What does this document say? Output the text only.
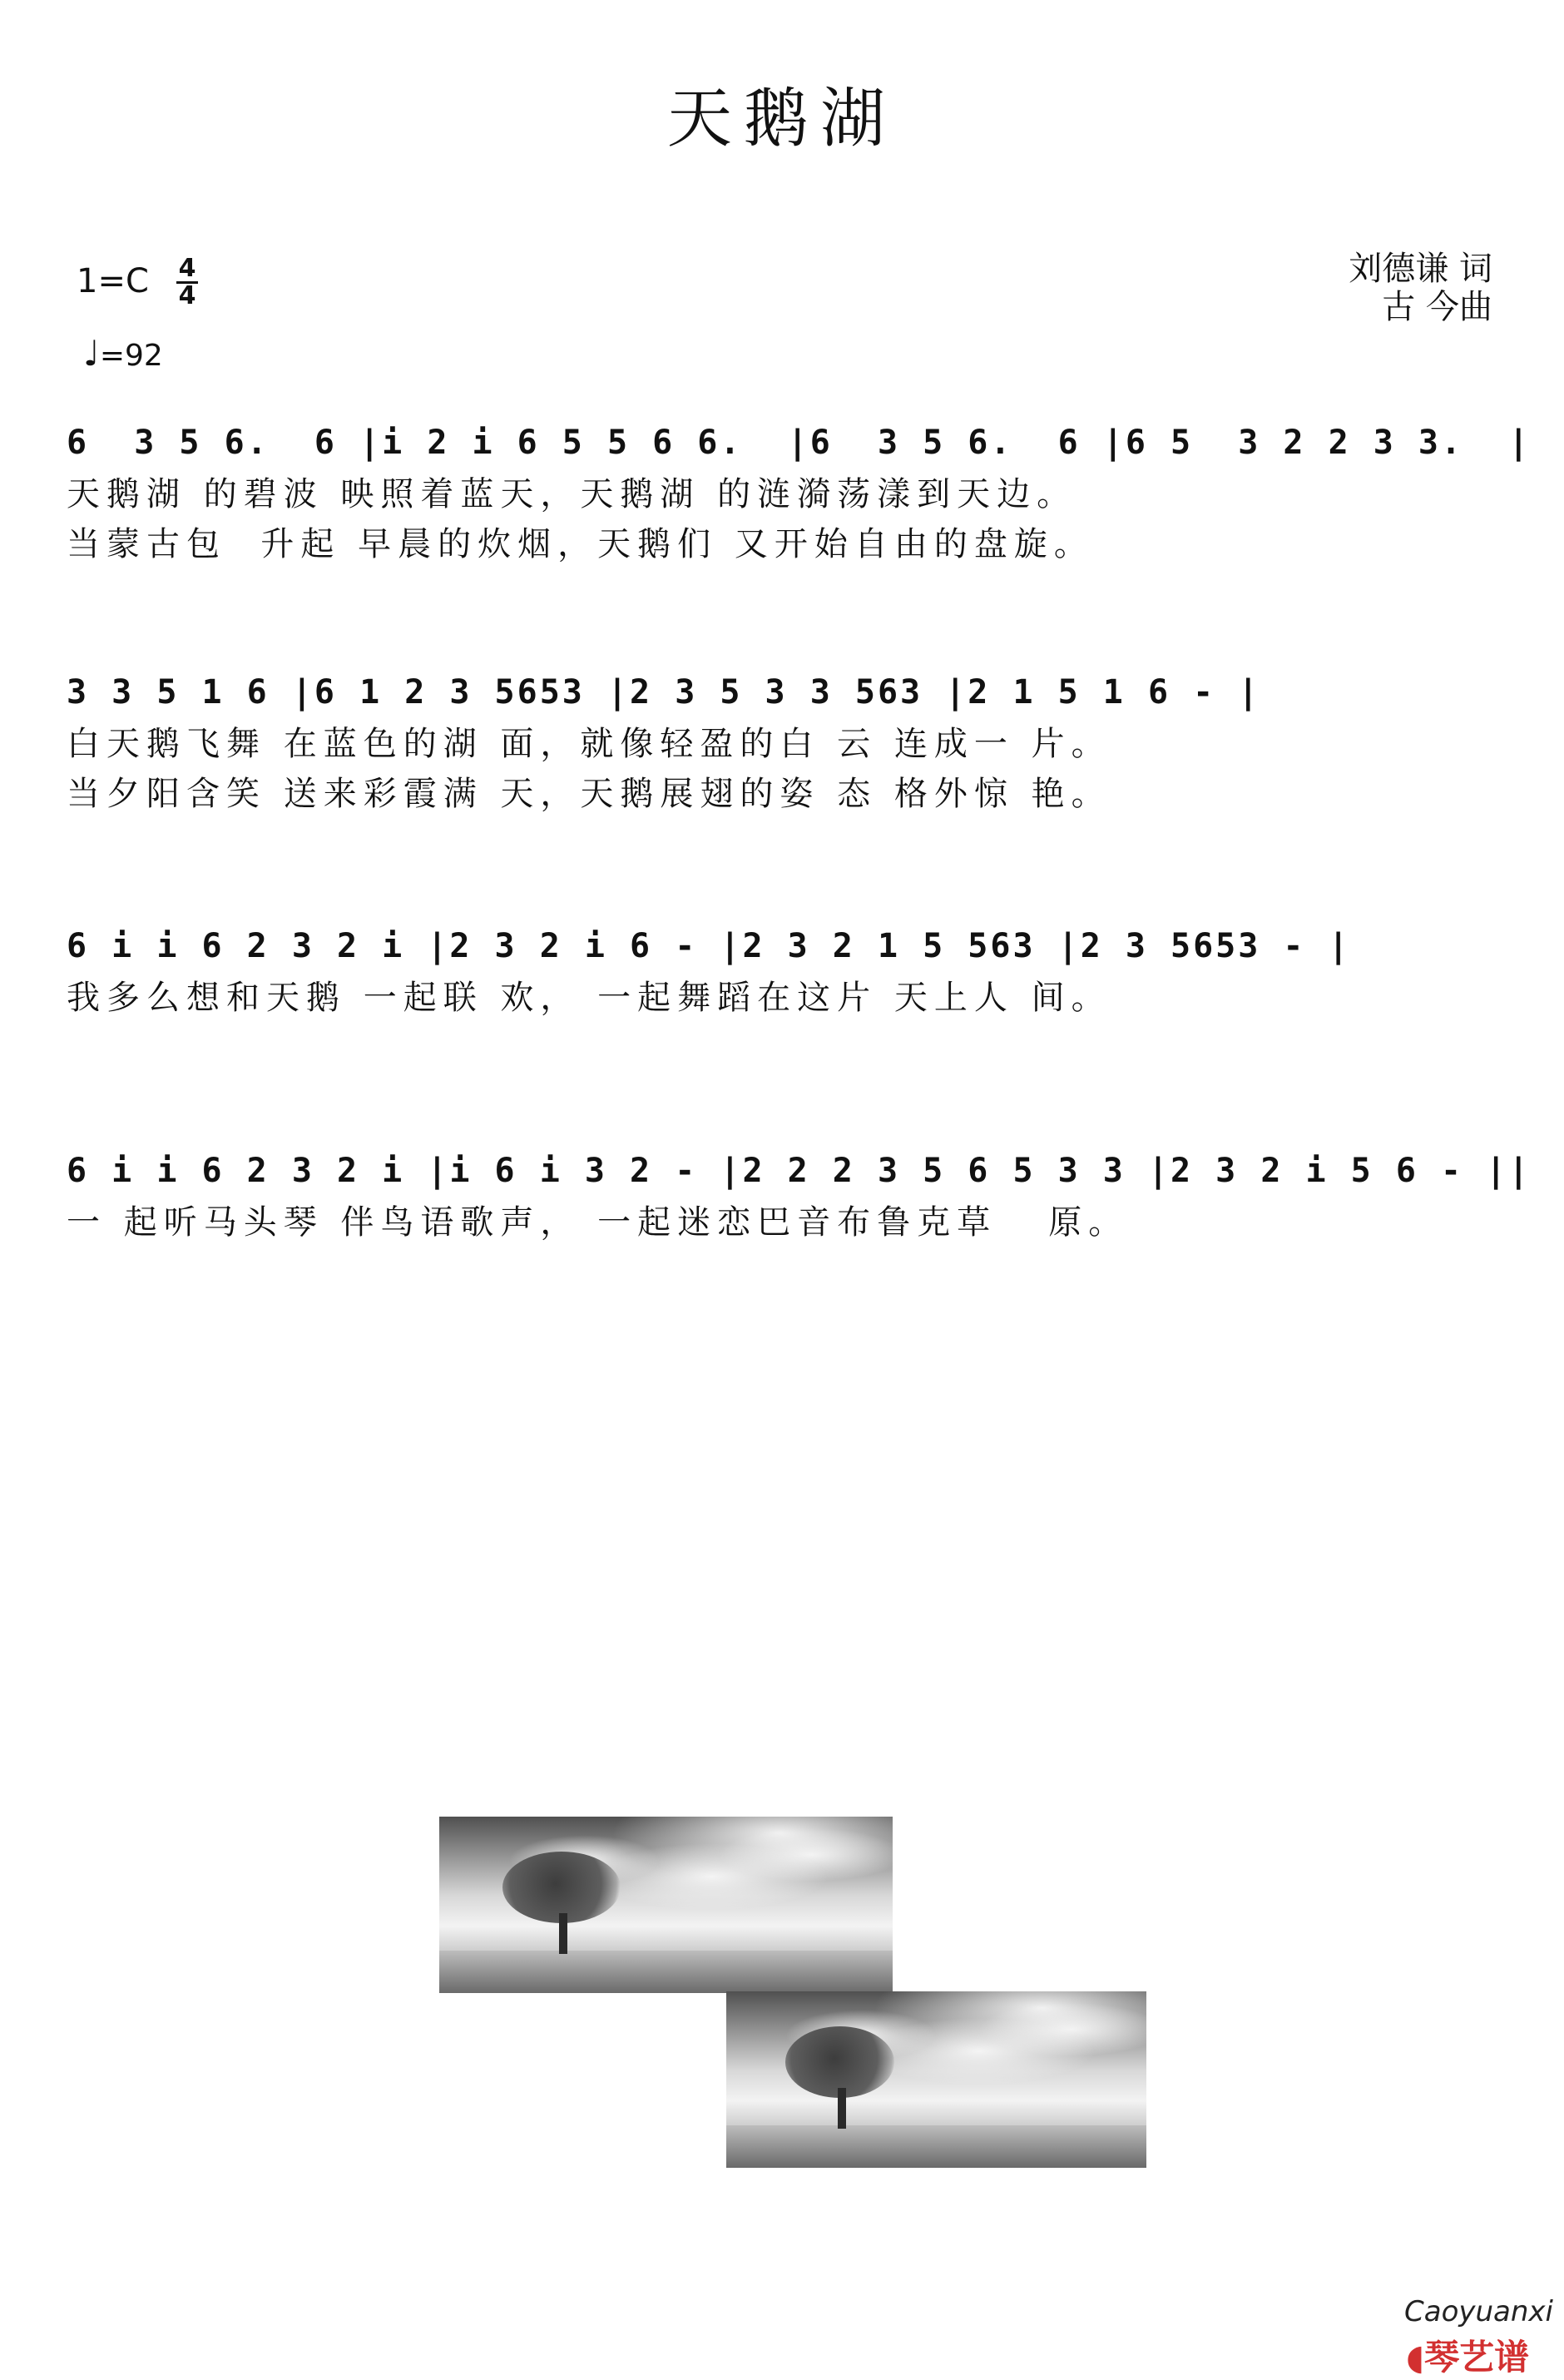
天鹅湖
1=C 4
4
♩=92
刘德谦 词
古 今曲
6  3 5 6.  6 |i 2 i 6 5 5 6 6.  |6  3 5 6.  6 |6 5  3 2 2 3 3.  |
天鹅湖 的碧波 映照着蓝天，天鹅湖 的涟漪荡漾到天边。
当蒙古包  升起 早晨的炊烟，天鹅们 又开始自由的盘旋。
3 3 5 1 6 |6 1 2 3 5653 |2 3 5 3 3 563 |2 1 5 1 6 - |
白天鹅飞舞 在蓝色的湖 面，就像轻盈的白 云 连成一 片。
当夕阳含笑 送来彩霞满 天，天鹅展翅的姿 态 格外惊 艳。
6 i i 6 2 3 2 i |2 3 2 i 6 - |2 3 2 1 5 563 |2 3 5653 - |
我多么想和天鹅 一起联 欢， 一起舞蹈在这片 天上人 间。
6 i i 6 2 3 2 i |i 6 i 3 2 - |2 2 2 3 5 6 5 3 3 |2 3 2 i 5 6 - ||
一 起听马头琴 伴鸟语歌声， 一起迷恋巴音布鲁克草   原。
Caoyuanxi
◖琴艺谱
